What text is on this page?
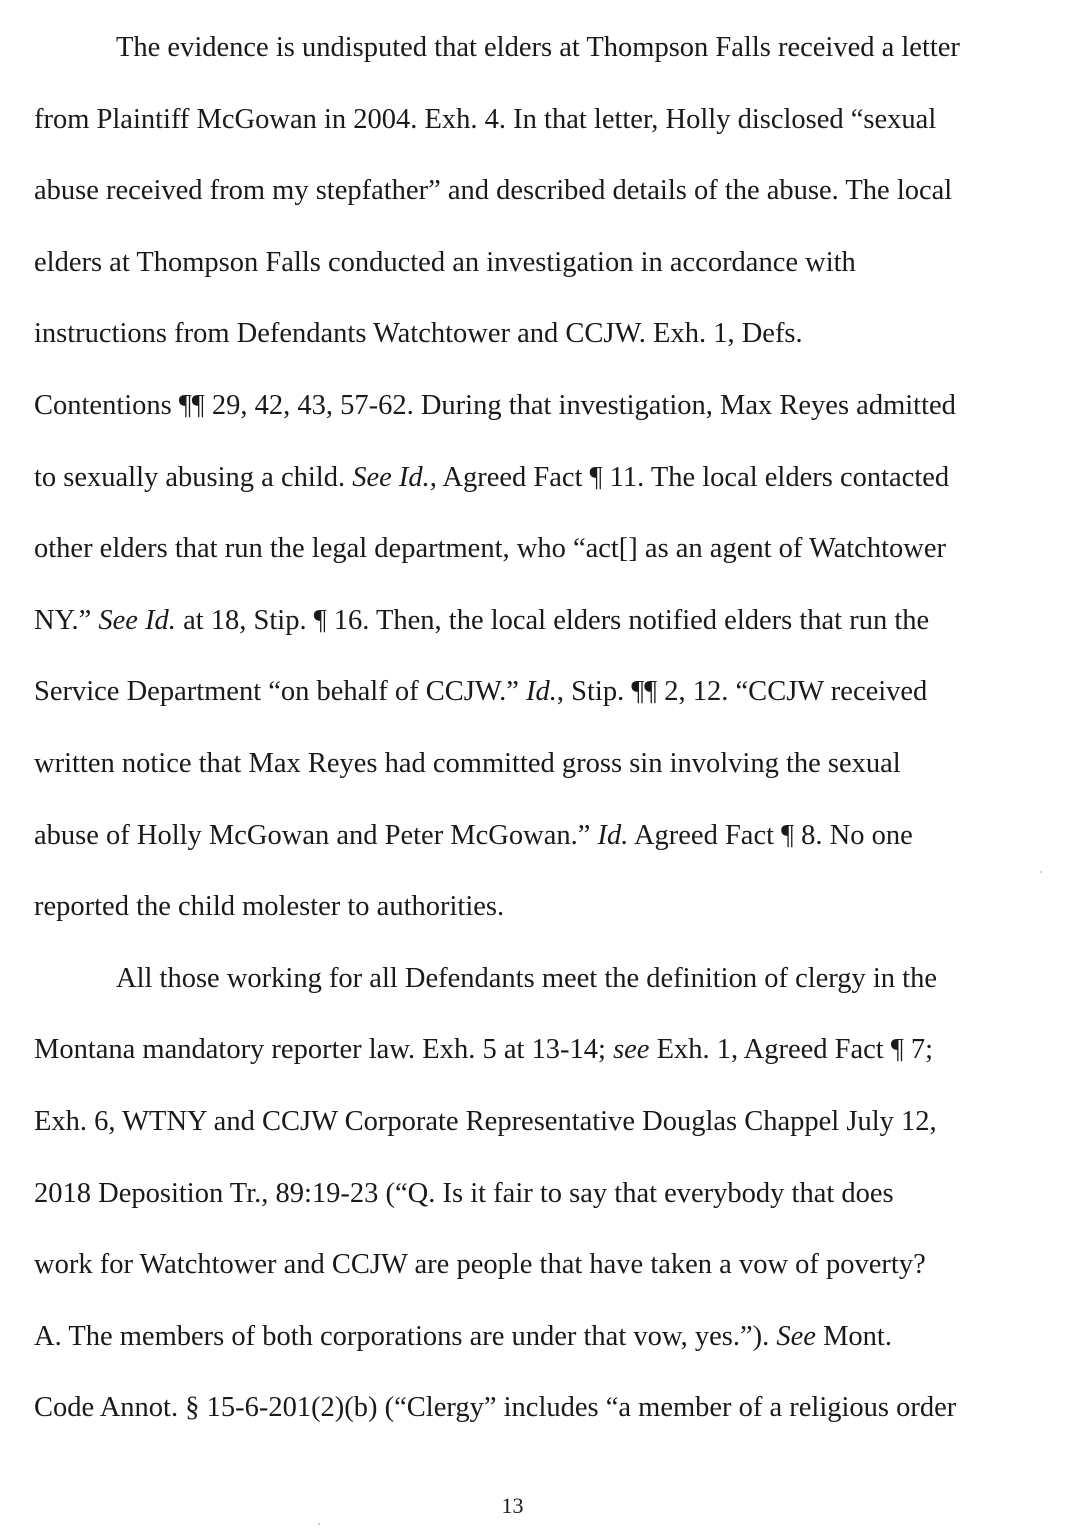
The evidence is undisputed that elders at Thompson Falls received a letter
from Plaintiff McGowan in 2004. Exh. 4. In that letter, Holly disclosed “sexual
abuse received from my stepfather” and described details of the abuse. The local
elders at Thompson Falls conducted an investigation in accordance with
instructions from Defendants Watchtower and CCJW. Exh. 1, Defs.
Contentions ¶¶ 29, 42, 43, 57-62. During that investigation, Max Reyes admitted
to sexually abusing a child. See Id., Agreed Fact ¶ 11. The local elders contacted
other elders that run the legal department, who “act[] as an agent of Watchtower
NY.” See Id. at 18, Stip. ¶ 16. Then, the local elders notified elders that run the
Service Department “on behalf of CCJW.” Id., Stip. ¶¶ 2, 12. “CCJW received
written notice that Max Reyes had committed gross sin involving the sexual
abuse of Holly McGowan and Peter McGowan.” Id. Agreed Fact ¶ 8. No one
reported the child molester to authorities.
All those working for all Defendants meet the definition of clergy in the
Montana mandatory reporter law. Exh. 5 at 13-14; see Exh. 1, Agreed Fact ¶ 7;
Exh. 6, WTNY and CCJW Corporate Representative Douglas Chappel July 12,
2018 Deposition Tr., 89:19-23 (“Q. Is it fair to say that everybody that does
work for Watchtower and CCJW are people that have taken a vow of poverty?
A. The members of both corporations are under that vow, yes.”). See Mont.
Code Annot. § 15-6-201(2)(b) (“Clergy” includes “a member of a religious order
13
